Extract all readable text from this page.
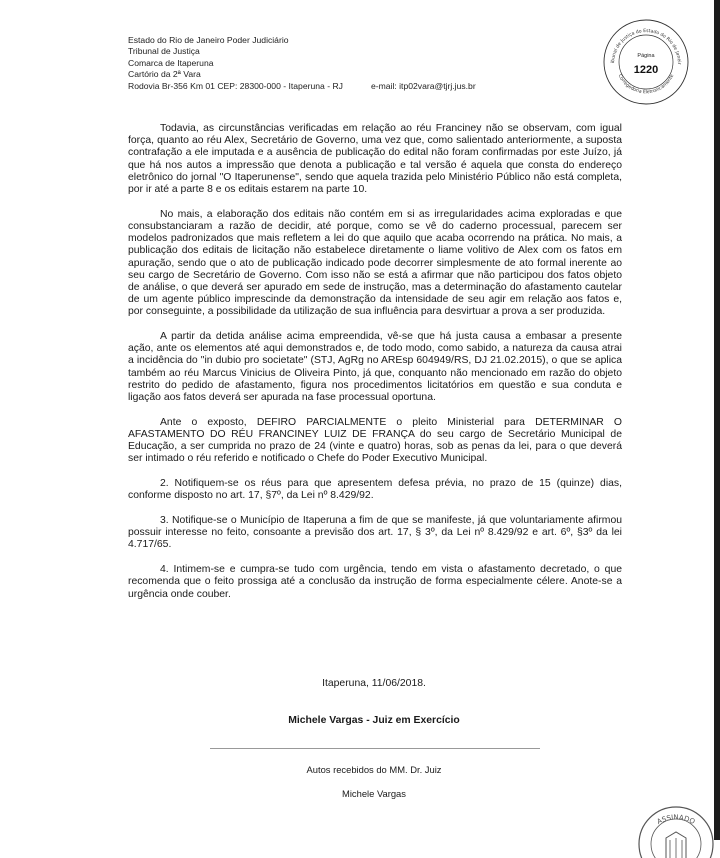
Estado do Rio de Janeiro Poder Judiciário
Tribunal de Justiça
Comarca de Itaperuna
Cartório da 2ª Vara
Rodovia Br-356 Km 01 CEP: 28300-000 - Itaperuna - RJ	e-mail: itp02vara@tjrj.jus.br
ibunal de Justiça do Estado do Rio de Janeir
Corregedoria Eletronicamente
Página
1220

Todavia, as circunstâncias verificadas em relação ao réu Franciney não se observam, com igual força, quanto ao réu Alex, Secretário de Governo, uma vez que, como salientado anteriormente, a suposta contrafação a ele imputada e a ausência de publicação do edital não foram confirmadas por este Juízo, já que há nos autos a impressão que denota a publicação e tal versão é aquela que consta do endereço eletrônico do jornal "O Itaperunense", sendo que aquela trazida pelo Ministério Público não está completa, por ir até a parte 8 e os editais estarem na parte 10.

No mais, a elaboração dos editais não contém em si as irregularidades acima exploradas e que consubstanciaram a razão de decidir, até porque, como se vê do caderno processual, parecem ser modelos padronizados que mais refletem a lei do que aquilo que acaba ocorrendo na prática. No mais, a publicação dos editais de licitação não estabelece diretamente o liame volitivo de Alex com os fatos em apuração, sendo que o ato de publicação indicado pode decorrer simplesmente de ato formal inerente ao seu cargo de Secretário de Governo. Com isso não se está a afirmar que não participou dos fatos objeto de análise, o que deverá ser apurado em sede de instrução, mas a determinação do afastamento cautelar de um agente público imprescinde da demonstração da intensidade de seu agir em relação aos fatos e, por conseguinte, a possibilidade da utilização de sua influência para desvirtuar a prova a ser produzida.

A partir da detida análise acima empreendida, vê-se que há justa causa a embasar a presente ação, ante os elementos até aqui demonstrados e, de todo modo, como sabido, a natureza da causa atrai a incidência do "in dubio pro societate" (STJ, AgRg no AREsp 604949/RS, DJ 21.02.2015), o que se aplica também ao réu Marcus Vinicius de Oliveira Pinto, já que, conquanto não mencionado em razão do objeto restrito do pedido de afastamento, figura nos procedimentos licitatórios em questão e sua conduta e ligação aos fatos deverá ser apurada na fase processual oportuna.

Ante o exposto, DEFIRO PARCIALMENTE o pleito Ministerial para DETERMINAR O AFASTAMENTO DO RÉU FRANCINEY LUIZ DE FRANÇA do seu cargo de Secretário Municipal de Educação, a ser cumprida no prazo de 24 (vinte e quatro) horas, sob as penas da lei, para o que deverá ser intimado o réu referido e notificado o Chefe do Poder Executivo Municipal.

2. Notifiquem-se os réus para que apresentem defesa prévia, no prazo de 15 (quinze) dias, conforme disposto no art. 17, §7º, da Lei nº 8.429/92.

3. Notifique-se o Município de Itaperuna a fim de que se manifeste, já que voluntariamente afirmou possuir interesse no feito, consoante a previsão dos art. 17, § 3º, da Lei nº 8.429/92 e art. 6º, §3º da lei 4.717/65.

4. Intimem-se e cumpra-se tudo com urgência, tendo em vista o afastamento decretado, o que recomenda que o feito prossiga até a conclusão da instrução de forma especialmente célere. Anote-se a urgência onde couber.

Itaperuna, 11/06/2018.
Michele Vargas - Juiz em Exercício
Autos recebidos do MM. Dr. Juiz
Michele Vargas
ASSINADO
